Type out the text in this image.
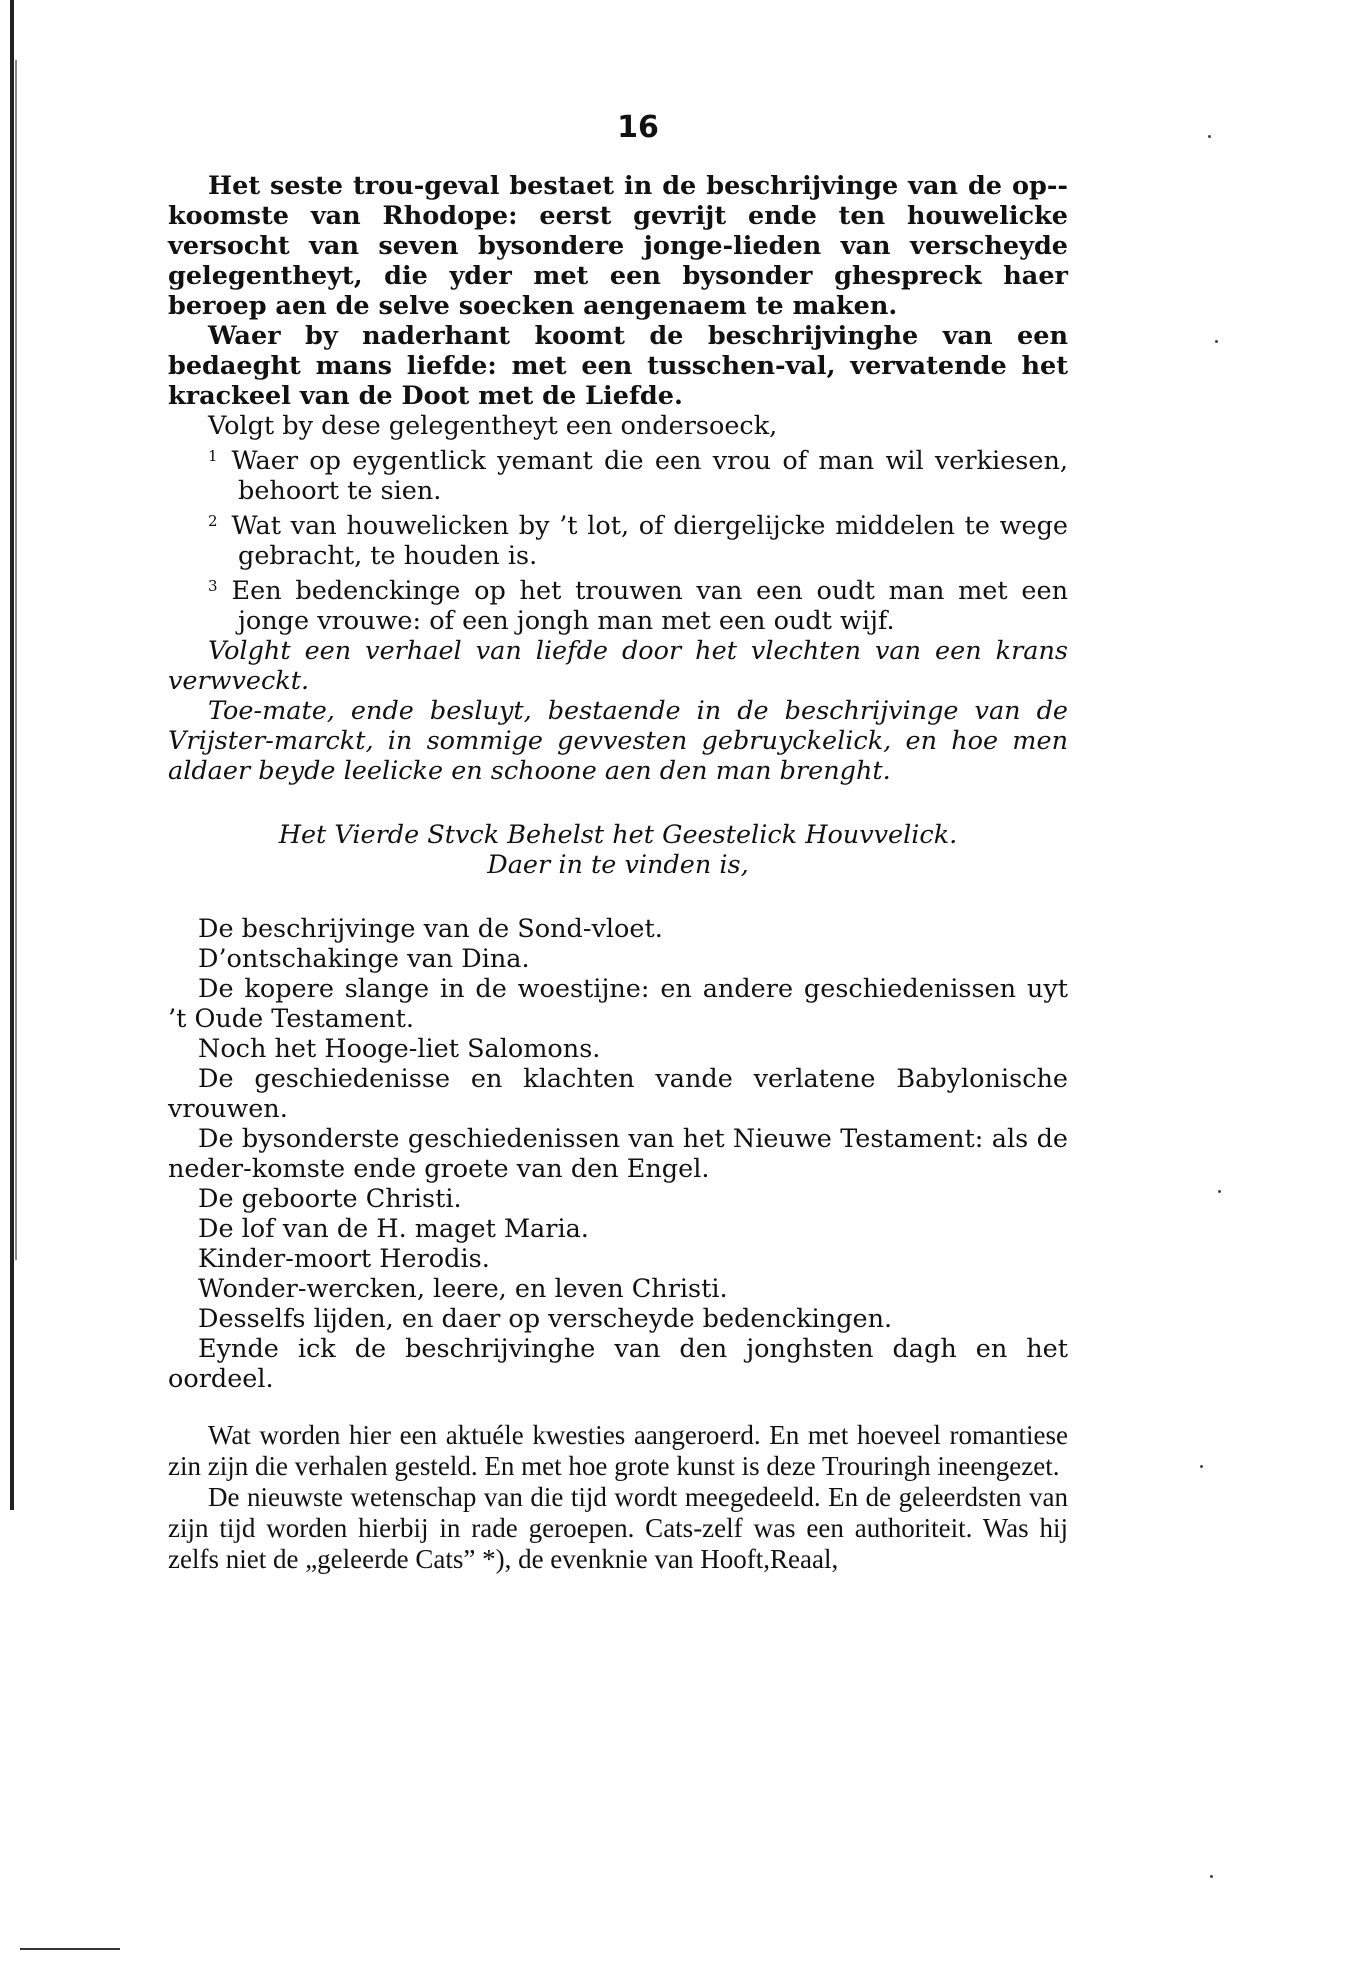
16

Het seste trou-geval bestaet in de beschrijvinge van de op--koomste van Rhodope: eerst gevrijt ende ten houwelicke versocht van seven bysondere jonge-lieden van verscheyde gelegentheyt, die yder met een bysonder ghespreck haer beroep aen de selve soecken aengenaem te maken.

Waer by naderhant koomt de beschrijvinghe van een bedaeght mans liefde: met een tusschen-val, vervatende het krackeel van de Doot met de Liefde.

Volgt by dese gelegentheyt een ondersoeck,

$^1$ Waer op eygentlick yemant die een vrou of man wil verkiesen, behoort te sien.

$^2$ Wat van houwelicken by ’t lot, of diergelijcke middelen te wege gebracht, te houden is.

$^3$ Een bedenckinge op het trouwen van een oudt man met een jonge vrouwe: of een jongh man met een oudt wijf.

Volght een verhael van liefde door het vlechten van een krans verwveckt.

Toe-mate, ende besluyt, bestaende in de beschrijvinge van de Vrijster-marckt, in sommige gevvesten gebruyckelick, en hoe men aldaer beyde leelicke en schoone aen den man brenght.

Het Vierde Stvck Behelst het Geestelick Houvvelick.
Daer in te vinden is,

De beschrijvinge van de Sond-vloet.

D’ontschakinge van Dina.

De kopere slange in de woestijne: en andere geschiedenissen uyt ’t Oude Testament.

Noch het Hooge-liet Salomons.

De geschiedenisse en klachten vande verlatene Babylonische vrouwen.

De bysonderste geschiedenissen van het Nieuwe Testament: als de neder-komste ende groete van den Engel.

De geboorte Christi.

De lof van de H. maget Maria.

Kinder-moort Herodis.

Wonder-wercken, leere, en leven Christi.

Desselfs lijden, en daer op verscheyde bedenckingen.

Eynde ick de beschrijvinghe van den jonghsten dagh en het oordeel.

Wat worden hier een aktuéle kwesties aangeroerd. En met hoeveel romantiese zin zijn die verhalen gesteld. En met hoe grote kunst is deze Trouringh ineengezet.

De nieuwste wetenschap van die tijd wordt meegedeeld. En de geleerdsten van zijn tijd worden hierbij in rade geroepen. Cats-zelf was een authoriteit. Was hij zelfs niet de „geleerde Cats” *), de evenknie van Hooft,Reaal,
